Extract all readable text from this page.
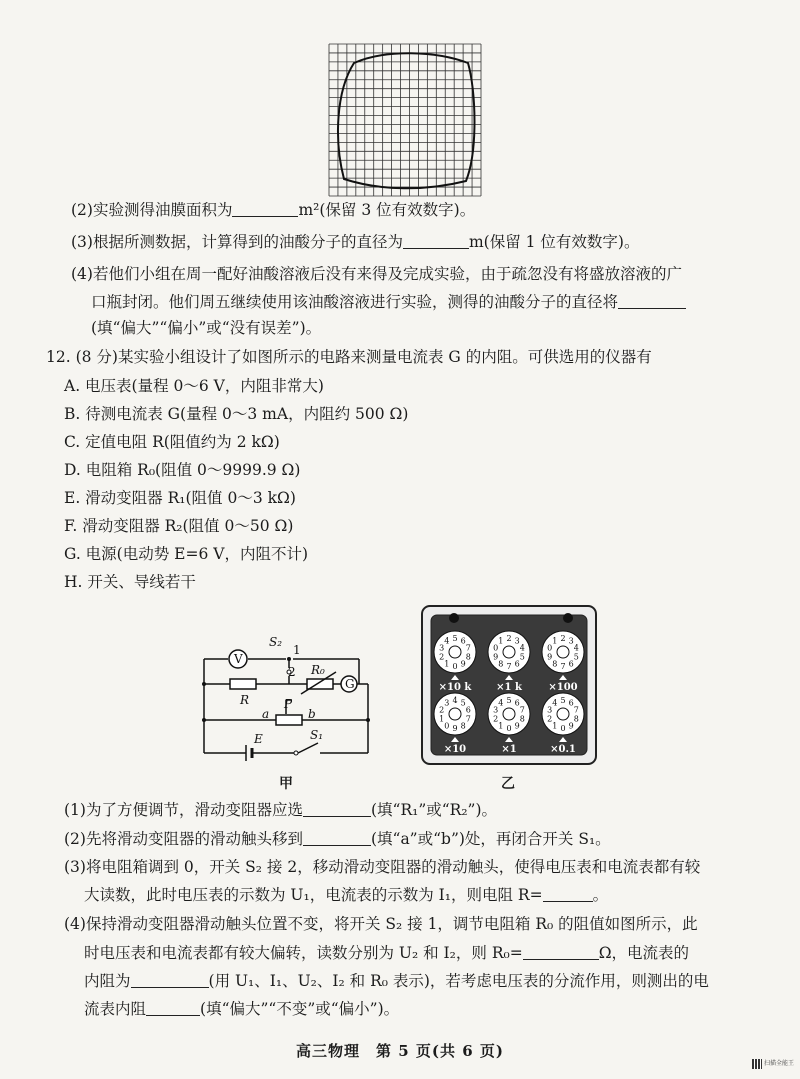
(2)实验测得油膜面积为	m²(保留 3 位有效数字)。
(3)根据所测数据，计算得到的油酸分子的直径为	m(保留 1 位有效数字)。
(4)若他们小组在周一配好油酸溶液后没有来得及完成实验，由于疏忽没有将盛放溶液的广
口瓶封闭。他们周五继续使用该油酸溶液进行实验，测得的油酸分子的直径将
(填“偏大”“偏小”或“没有误差”)。
12. (8 分)某实验小组设计了如图所示的电路来测量电流表 G 的内阻。可供选用的仪器有
A. 电压表(量程 0～6 V，内阻非常大)
B. 待测电流表 G(量程 0～3 mA，内阻约 500 Ω)
C. 定值电阻 R(阻值约为 2 kΩ)
D. 电阻箱 R₀(阻值 0～9999.9 Ω)
E. 滑动变阻器 R₁(阻值 0～3 kΩ)
F. 滑动变阻器 R₂(阻值 0～50 Ω)
G. 电源(电动势 E=6 V，内阻不计)
H. 开关、导线若干
V
S₂
1
2 R₀
G
R	P
a	b
E	S₁
甲
0
1
2
3
4 5 6
7
8
9
×10 k
0
1 2 3
4
5
6
7
8
9
×1 k
0
1 2 3
4
5
6
7
8
9
×100
0
1
2
3 4 5
6
7
8
9
×10
0
1
2
3
4 5 6
7
8
9
×1
0
1
2
3
4 5 6
7
8
9
×0.1
乙
(1)为了方便调节，滑动变阻器应选	(填“R₁”或“R₂”)。
(2)先将滑动变阻器的滑动触头移到	(填“a”或“b”)处，再闭合开关 S₁。
(3)将电阻箱调到 0，开关 S₂ 接 2，移动滑动变阻器的滑动触头，使得电压表和电流表都有较
大读数，此时电压表的示数为 U₁，电流表的示数为 I₁，则电阻 R=	。
(4)保持滑动变阻器滑动触头位置不变，将开关 S₂ 接 1，调节电阻箱 R₀ 的阻值如图所示，此
时电压表和电流表都有较大偏转，读数分别为 U₂ 和 I₂，则 R₀=	Ω，电流表的
内阻为	(用 U₁、I₁、U₂、I₂ 和 R₀ 表示)，若考虑电压表的分流作用，则测出的电
流表内阻	(填“偏大”“不变”或“偏小”)。
高三物理　第 5 页(共 6 页)
扫描全能王
